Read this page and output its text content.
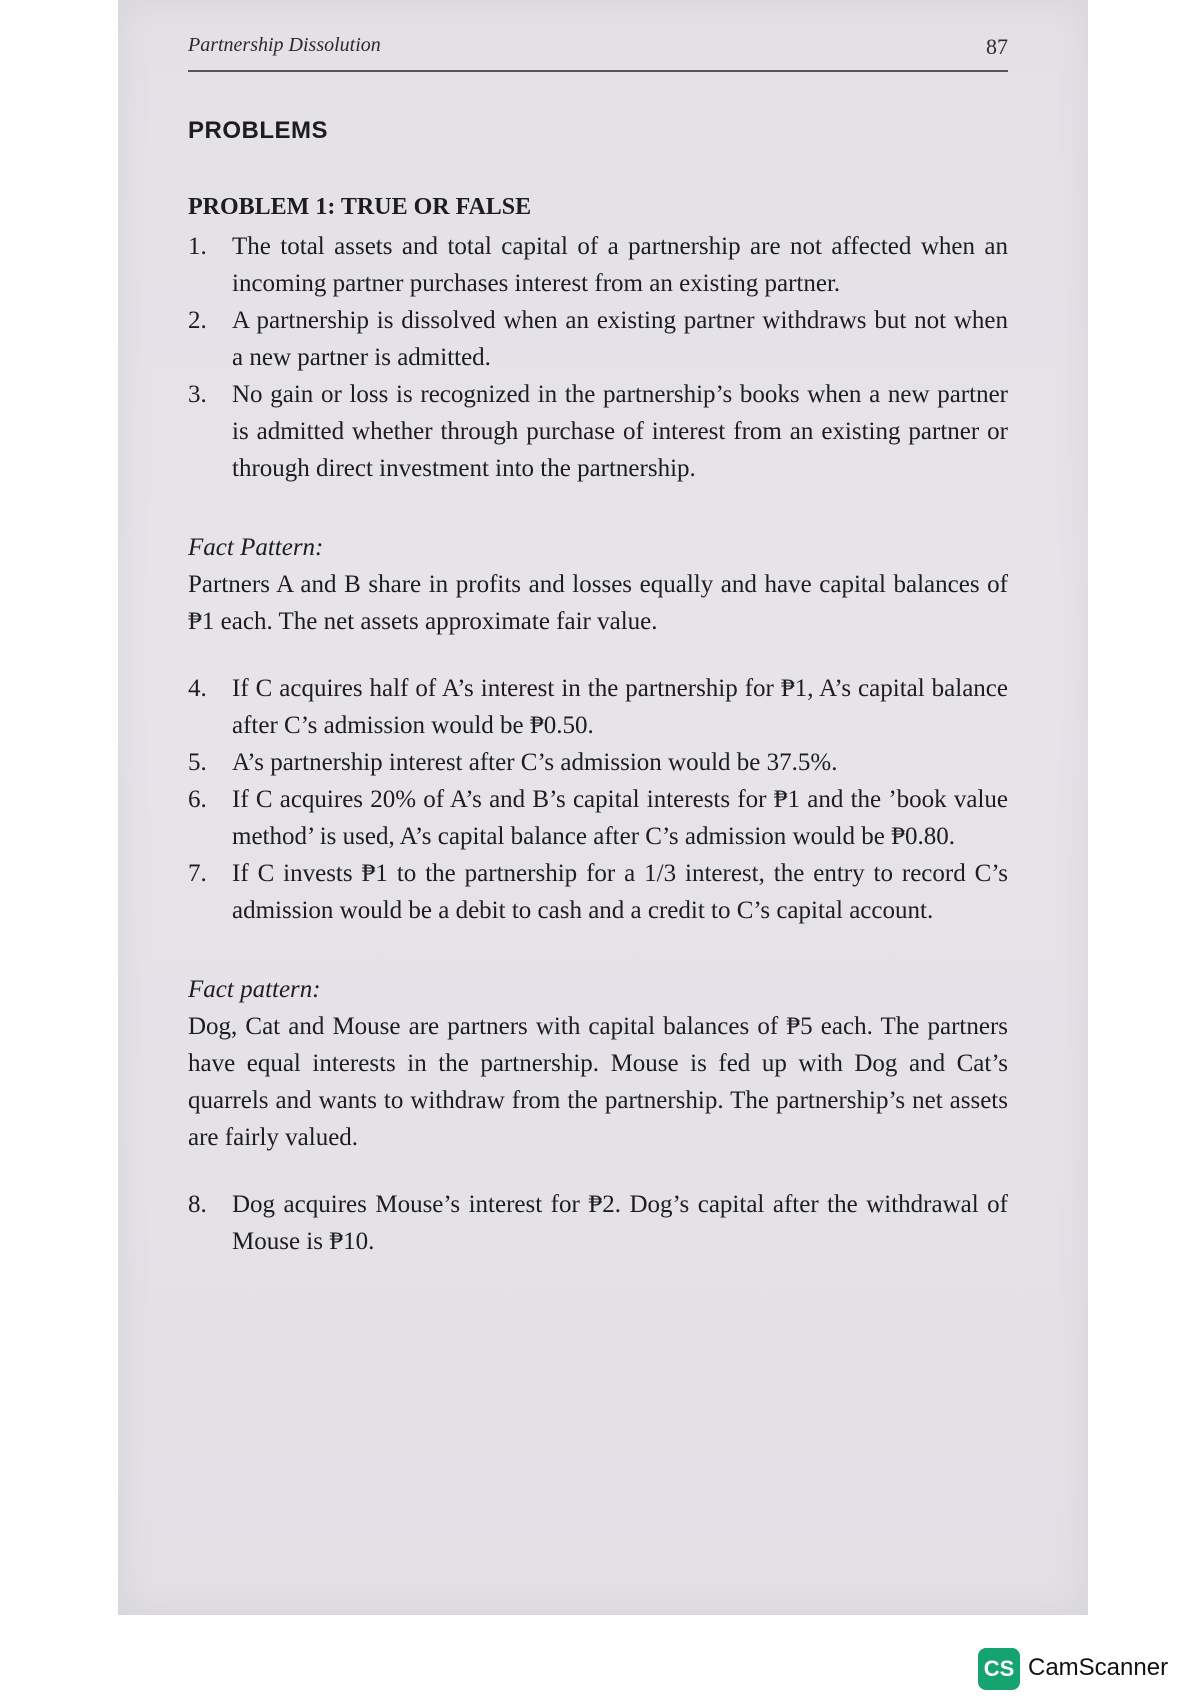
Partnership Dissolution	87
PROBLEMS
PROBLEM 1: TRUE OR FALSE
1.	The total assets and total capital of a partnership are not affected when an incoming partner purchases interest from an existing partner.
2.	A partnership is dissolved when an existing partner withdraws but not when a new partner is admitted.
3.	No gain or loss is recognized in the partnership’s books when a new partner is admitted whether through purchase of interest from an existing partner or through direct investment into the partnership.
Fact Pattern:

Partners A and B share in profits and losses equally and have capital balances of ₱1 each. The net assets approximate fair value.

4.	If C acquires half of A’s interest in the partnership for ₱1, A’s capital balance after C’s admission would be ₱0.50.
5.	A’s partnership interest after C’s admission would be 37.5%.
6.	If C acquires 20% of A’s and B’s capital interests for ₱1 and the ’book value method’ is used, A’s capital balance after C’s admission would be ₱0.80.
7.	If C invests ₱1 to the partnership for a 1/3 interest, the entry to record C’s admission would be a debit to cash and a credit to C’s capital account.
Fact pattern:

Dog, Cat and Mouse are partners with capital balances of ₱5 each. The partners have equal interests in the partnership. Mouse is fed up with Dog and Cat’s quarrels and wants to withdraw from the partnership. The partnership’s net assets are fairly valued.

8.	Dog acquires Mouse’s interest for ₱2. Dog’s capital after the withdrawal of Mouse is ₱10.
CS CamScanner
